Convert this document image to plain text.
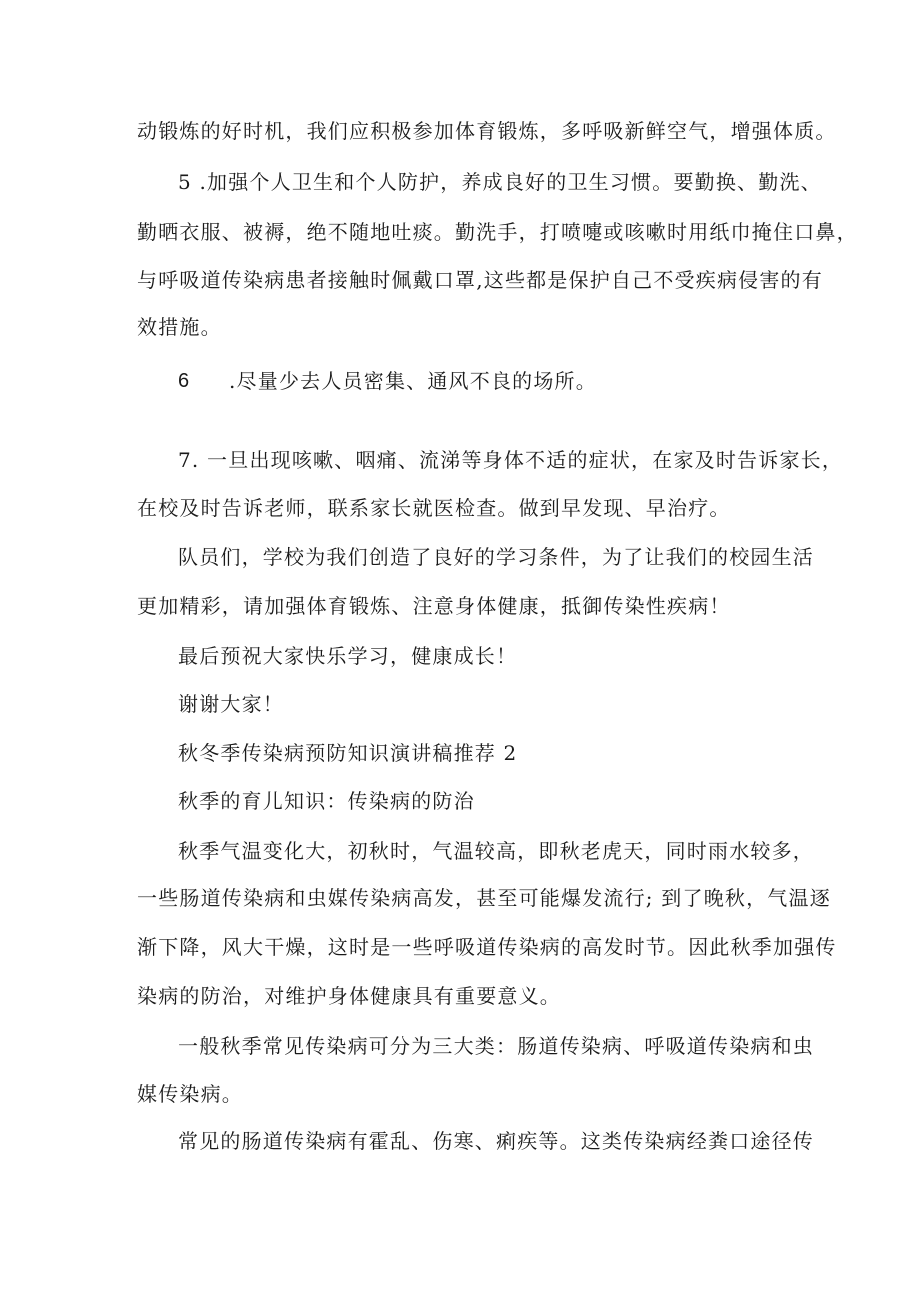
动锻炼的好时机，我们应积极参加体育锻炼，多呼吸新鲜空气，增强体质。

5 .加强个人卫生和个人防护，养成良好的卫生习惯。要勤换、勤洗、

勤晒衣服、被褥，绝不随地吐痰。勤洗手，打喷嚏或咳嗽时用纸巾掩住口鼻，

与呼吸道传染病患者接触时佩戴口罩,这些都是保护自己不受疾病侵害的有

效措施。

6 .尽量少去人员密集、通风不良的场所。

7. 一旦出现咳嗽、咽痛、流涕等身体不适的症状，在家及时告诉家长，

在校及时告诉老师，联系家长就医检查。做到早发现、早治疗。

队员们，学校为我们创造了良好的学习条件，为了让我们的校园生活

更加精彩，请加强体育锻炼、注意身体健康，抵御传染性疾病！

最后预祝大家快乐学习，健康成长！

谢谢大家！

秋冬季传染病预防知识演讲稿推荐 2

秋季的育儿知识：传染病的防治

秋季气温变化大，初秋时，气温较高，即秋老虎天，同时雨水较多，

一些肠道传染病和虫媒传染病高发，甚至可能爆发流行; 到了晚秋，气温逐

渐下降，风大干燥，这时是一些呼吸道传染病的高发时节。因此秋季加强传

染病的防治，对维护身体健康具有重要意义。

一般秋季常见传染病可分为三大类：肠道传染病、呼吸道传染病和虫

媒传染病。

常见的肠道传染病有霍乱、伤寒、痢疾等。这类传染病经粪口途径传
